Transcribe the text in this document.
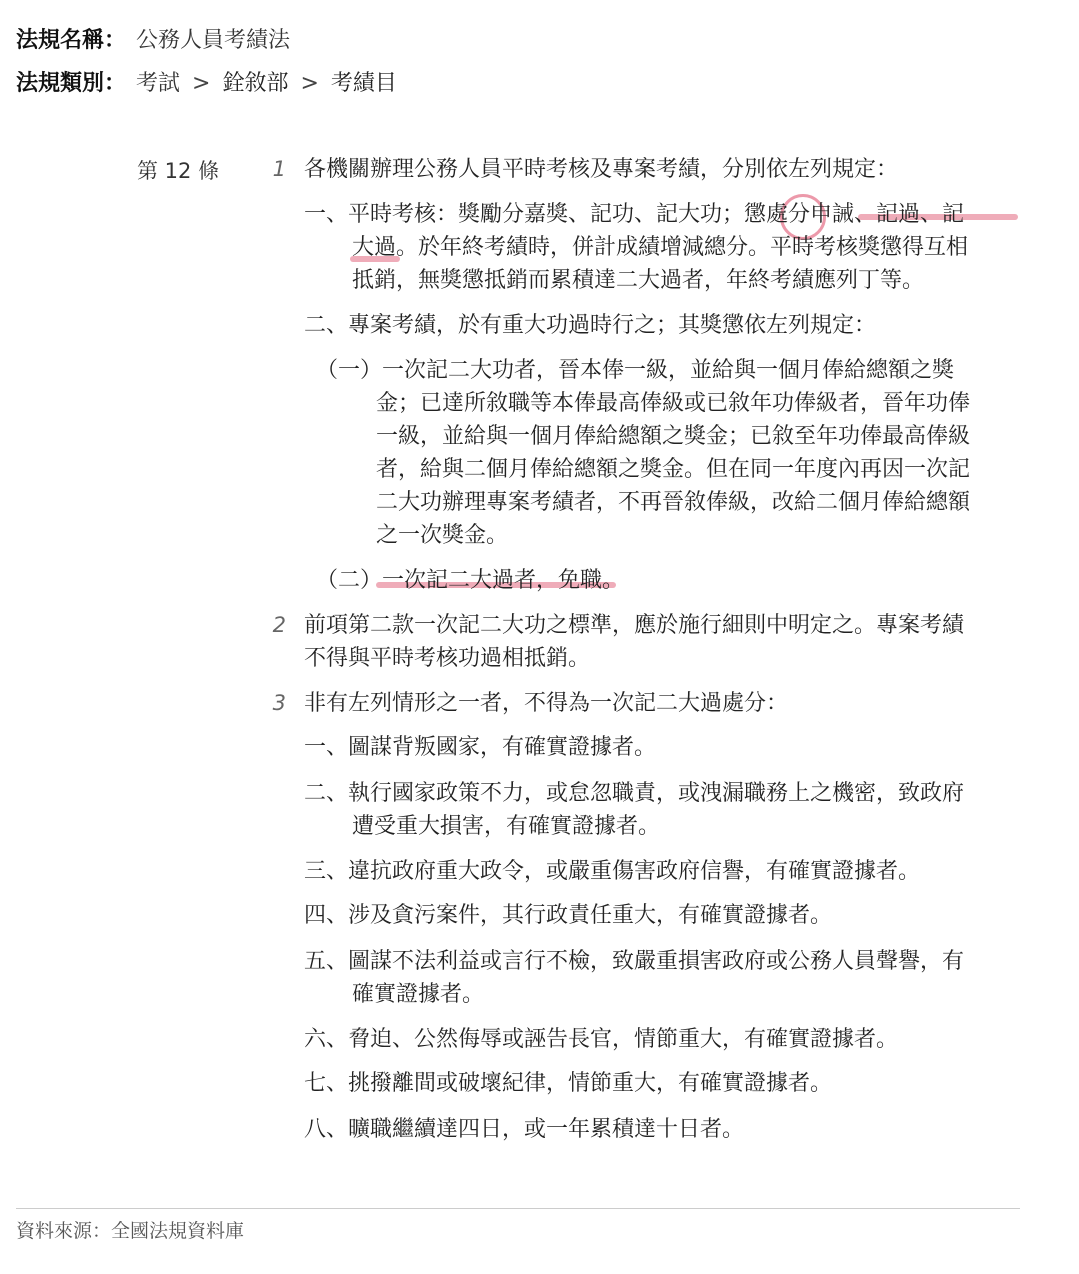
法規名稱： 公務人員考績法
法規類別： 考試 > 銓敘部 > 考績目
第 12 條	1
2
3
各機關辦理公務人員平時考核及專案考績，分別依左列規定：
一、平時考核：獎勵分嘉獎、記功、記大功；懲處分申誡、記過、記
大過。於年終考績時，併計成績增減總分。平時考核獎懲得互相
抵銷，無獎懲抵銷而累積達二大過者，年終考績應列丁等。
二、專案考績，於有重大功過時行之；其獎懲依左列規定：
（一）一次記二大功者，晉本俸一級，並給與一個月俸給總額之獎
金；已達所敘職等本俸最高俸級或已敘年功俸級者，晉年功俸
一級，並給與一個月俸給總額之獎金；已敘至年功俸最高俸級
者，給與二個月俸給總額之獎金。但在同一年度內再因一次記
二大功辦理專案考績者，不再晉敘俸級，改給二個月俸給總額
之一次獎金。
（二）一次記二大過者，免職。
前項第二款一次記二大功之標準，應於施行細則中明定之。專案考績
不得與平時考核功過相抵銷。
非有左列情形之一者，不得為一次記二大過處分：
一、圖謀背叛國家，有確實證據者。
二、執行國家政策不力，或怠忽職責，或洩漏職務上之機密，致政府
遭受重大損害，有確實證據者。
三、違抗政府重大政令，或嚴重傷害政府信譽，有確實證據者。
四、涉及貪污案件，其行政責任重大，有確實證據者。
五、圖謀不法利益或言行不檢，致嚴重損害政府或公務人員聲譽，有
確實證據者。
六、脅迫、公然侮辱或誣告長官，情節重大，有確實證據者。
七、挑撥離間或破壞紀律，情節重大，有確實證據者。
八、曠職繼續達四日，或一年累積達十日者。
資料來源：全國法規資料庫
